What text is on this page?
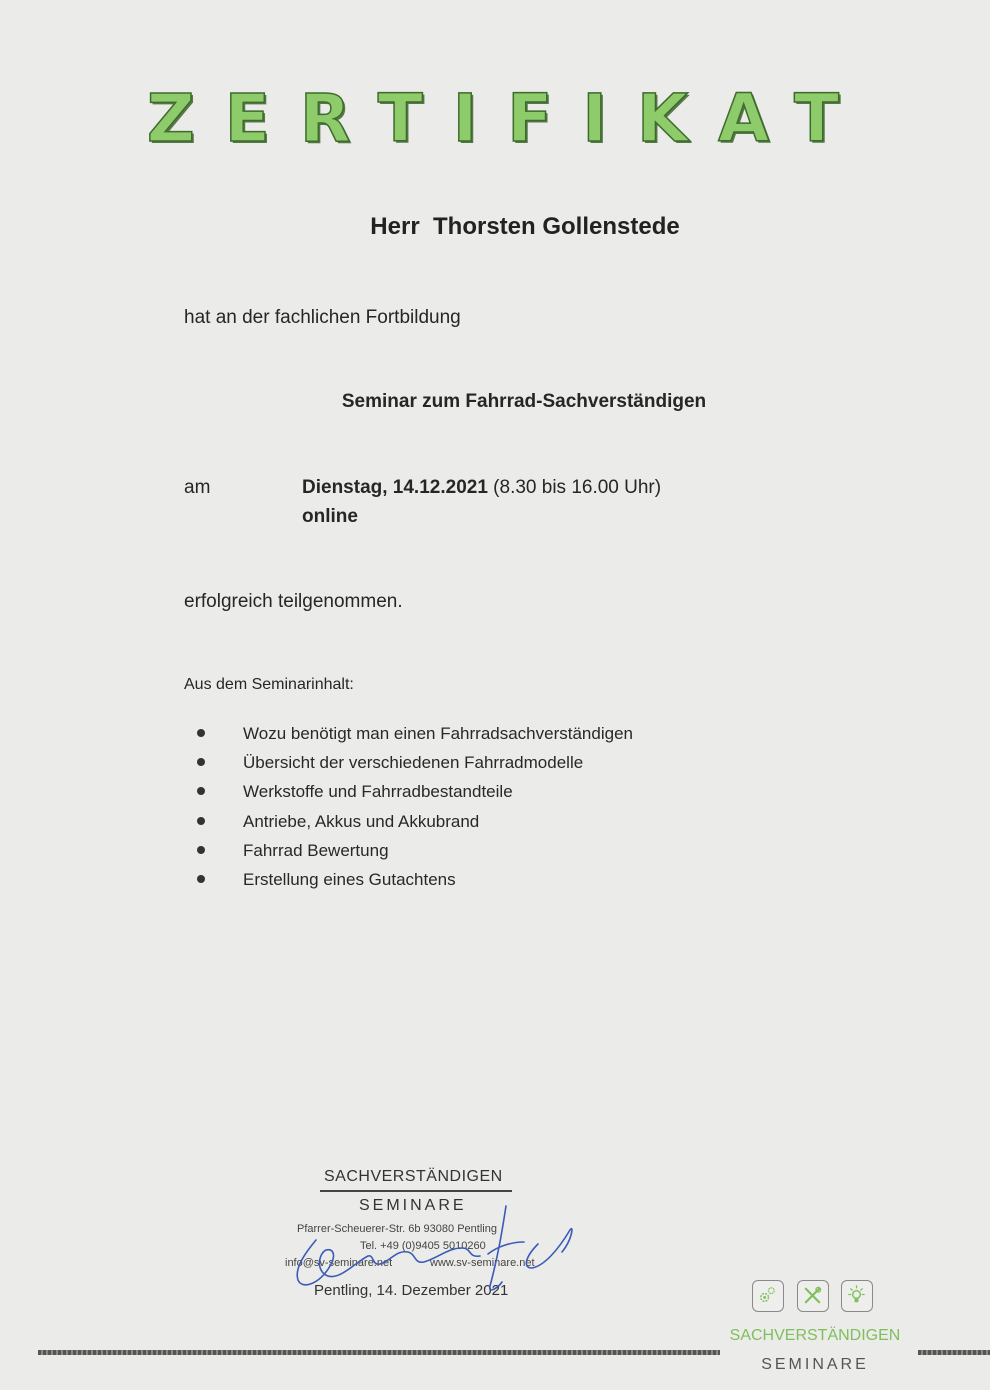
ZERTIFIKAT
Herr  Thorsten Gollenstede
hat an der fachlichen Fortbildung
Seminar zum Fahrrad-Sachverständigen
am	Dienstag, 14.12.2021 (8.30 bis 16.00 Uhr)
online
erfolgreich teilgenommen.
Aus dem Seminarinhalt:
Wozu benötigt man einen Fahrradsachverständigen
Übersicht der verschiedenen Fahrradmodelle
Werkstoffe und Fahrradbestandteile
Antriebe, Akkus und Akkubrand
Fahrrad Bewertung
Erstellung eines Gutachtens
SACHVERSTÄNDIGEN
SEMINARE
Pfarrer-Scheuerer-Str. 6b 93080 Pentling
Tel. +49 (0)9405 5010260
info@sv-seminare.net	www.sv-seminare.net
Pentling, 14. Dezember 2021
SACHVERSTÄNDIGEN
SEMINARE
